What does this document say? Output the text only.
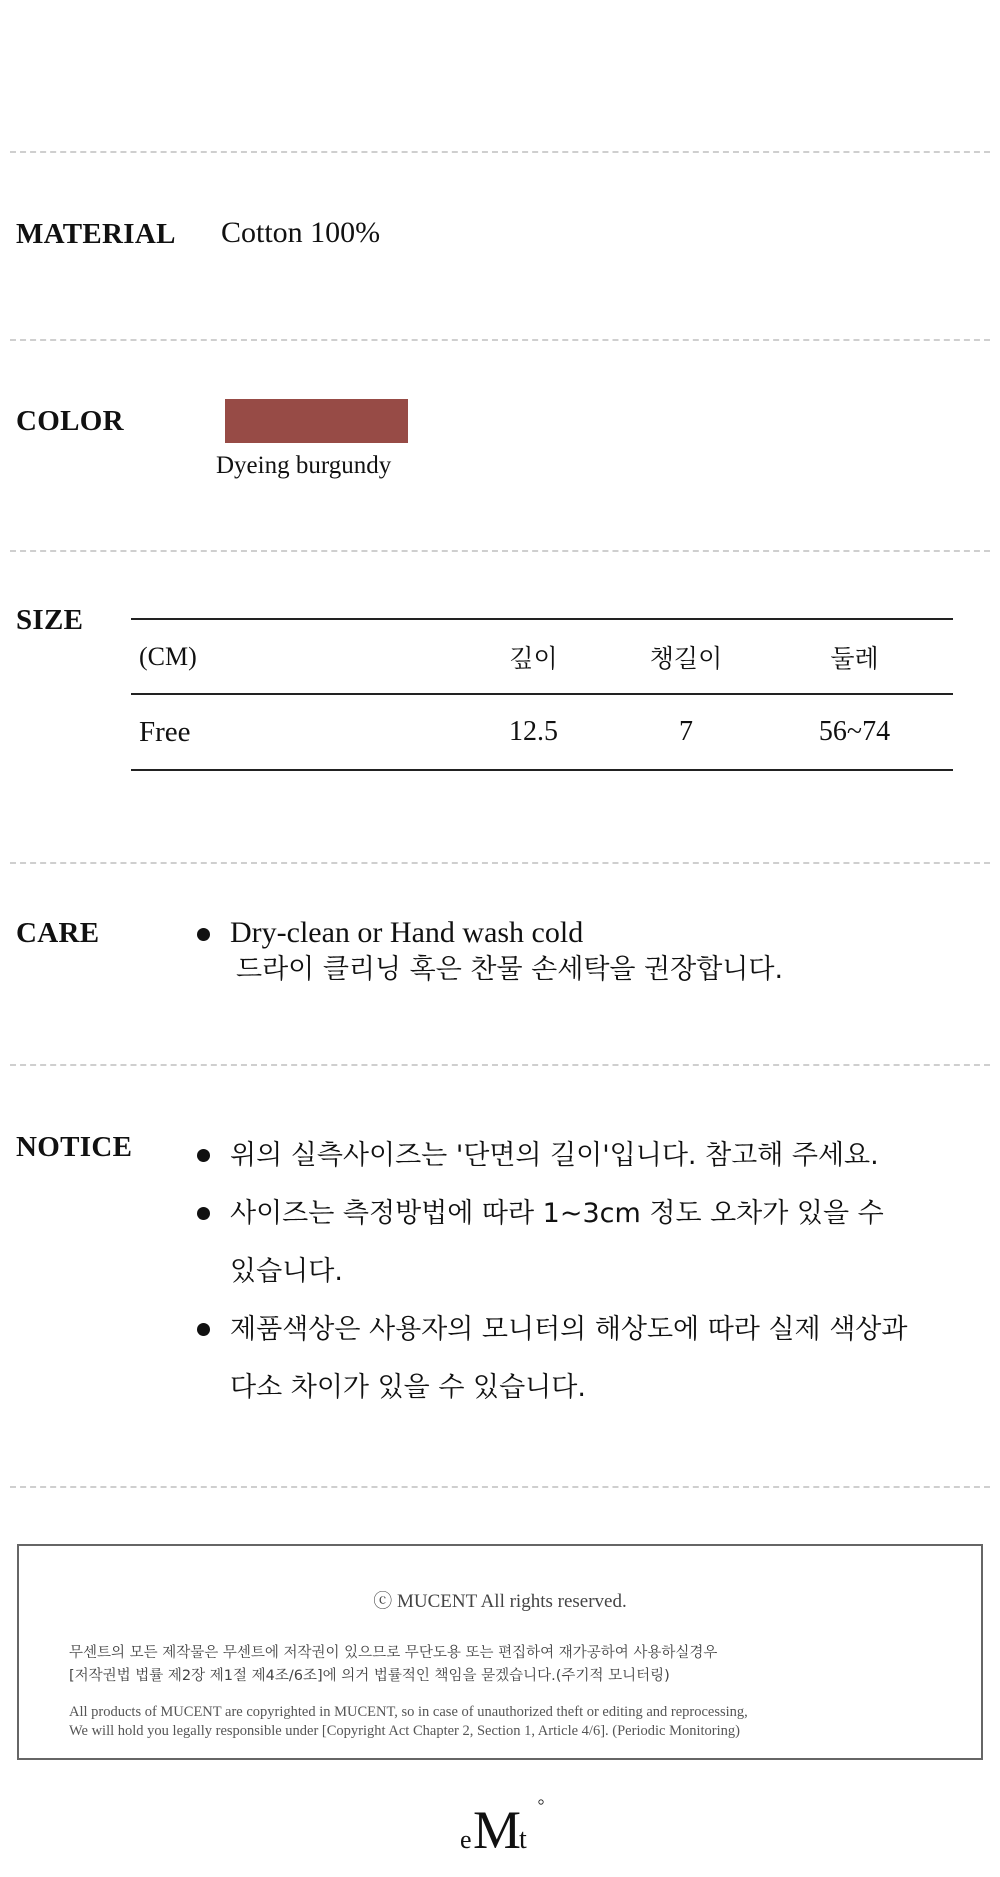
MATERIAL Cotton 100%
COLOR
Dyeing burgundy
SIZE
(CM)	깊이	챙길이	둘레
Free	12.5	7	56~74
CARE	Dry-clean or Hand wash cold
드라이 클리닝 혹은 찬물 손세탁을 권장합니다.
NOTICE	위의 실측사이즈는 '단면의 길이'입니다. 참고해 주세요.
사이즈는 측정방법에 따라 1~3cm 정도 오차가 있을 수
있습니다.
제품색상은 사용자의 모니터의 해상도에 따라 실제 색상과
다소 차이가 있을 수 있습니다.
ⓒ MUCENT All rights reserved.
무센트의 모든 제작물은 무센트에 저작권이 있으므로 무단도용 또는 편집하여 재가공하여 사용하실경우
[저작권법 법률 제2장 제1절 제4조/6조]에 의거 법률적인 책임을 묻겠습니다.(주기적 모니터링)
All products of MUCENT are copyrighted in MUCENT, so in case of unauthorized theft or editing and reprocessing,
We will hold you legally responsible under [Copyright Act Chapter 2, Section 1, Article 4/6]. (Periodic Monitoring)
e M
t
